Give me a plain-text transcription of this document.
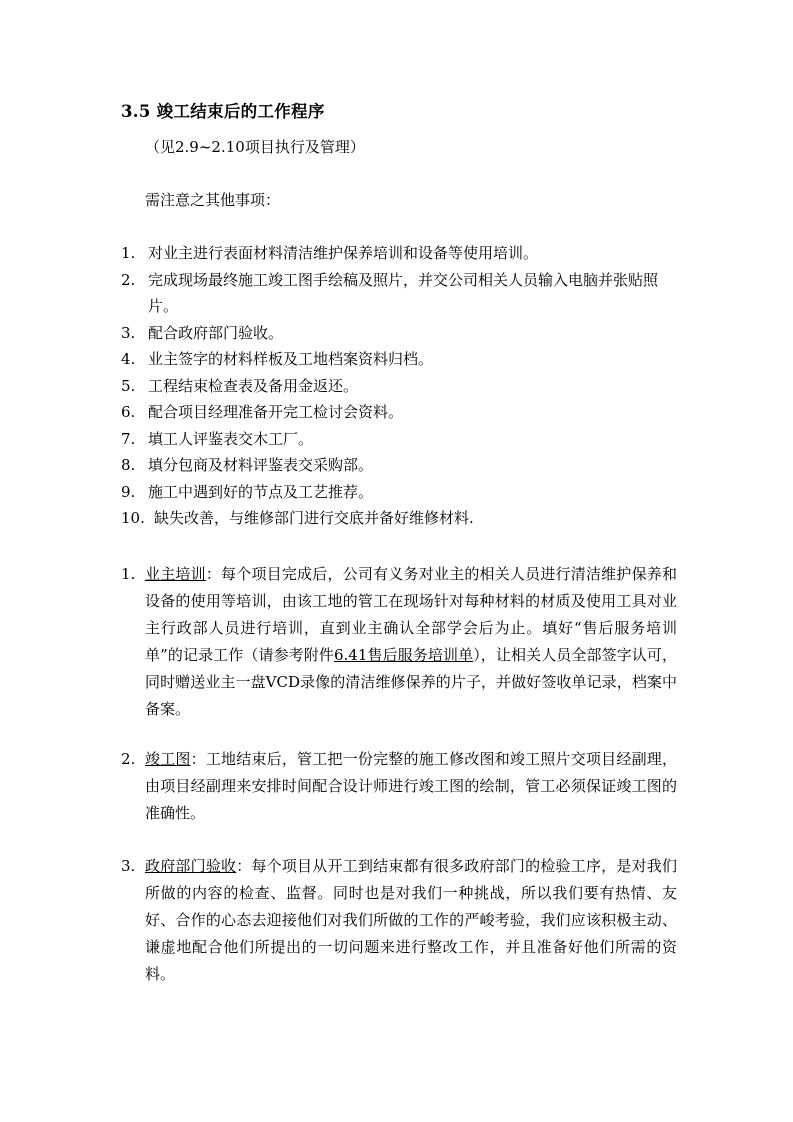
3.5 竣工结束后的工作程序
（见2.9~2.10项目执行及管理）
需注意之其他事项：
1. 对业主进行表面材料清洁维护保养培训和设备等使用培训。
2. 完成现场最终施工竣工图手绘稿及照片，并交公司相关人员输入电脑并张贴照片。
3. 配合政府部门验收。
4. 业主签字的材料样板及工地档案资料归档。
5. 工程结束检查表及备用金返还。
6. 配合项目经理准备开完工检讨会资料。
7. 填工人评鉴表交木工厂。
8. 填分包商及材料评鉴表交采购部。
9. 施工中遇到好的节点及工艺推荐。
10. 缺失改善，与维修部门进行交底并备好维修材料.
1. 业主培训：每个项目完成后，公司有义务对业主的相关人员进行清洁维护保养和设备的使用等培训，由该工地的管工在现场针对每种材料的材质及使用工具对业主行政部人员进行培训，直到业主确认全部学会后为止。填好“售后服务培训单”的记录工作（请参考附件6.41售后服务培训单），让相关人员全部签字认可，同时赠送业主一盘VCD录像的清洁维修保养的片子，并做好签收单记录，档案中备案。
2. 竣工图：工地结束后，管工把一份完整的施工修改图和竣工照片交项目经副理，由项目经副理来安排时间配合设计师进行竣工图的绘制，管工必须保证竣工图的准确性。
3. 政府部门验收：每个项目从开工到结束都有很多政府部门的检验工序，是对我们所做的内容的检查、监督。同时也是对我们一种挑战，所以我们要有热情、友好、合作的心态去迎接他们对我们所做的工作的严峻考验，我们应该积极主动、谦虚地配合他们所提出的一切问题来进行整改工作，并且准备好他们所需的资料。
